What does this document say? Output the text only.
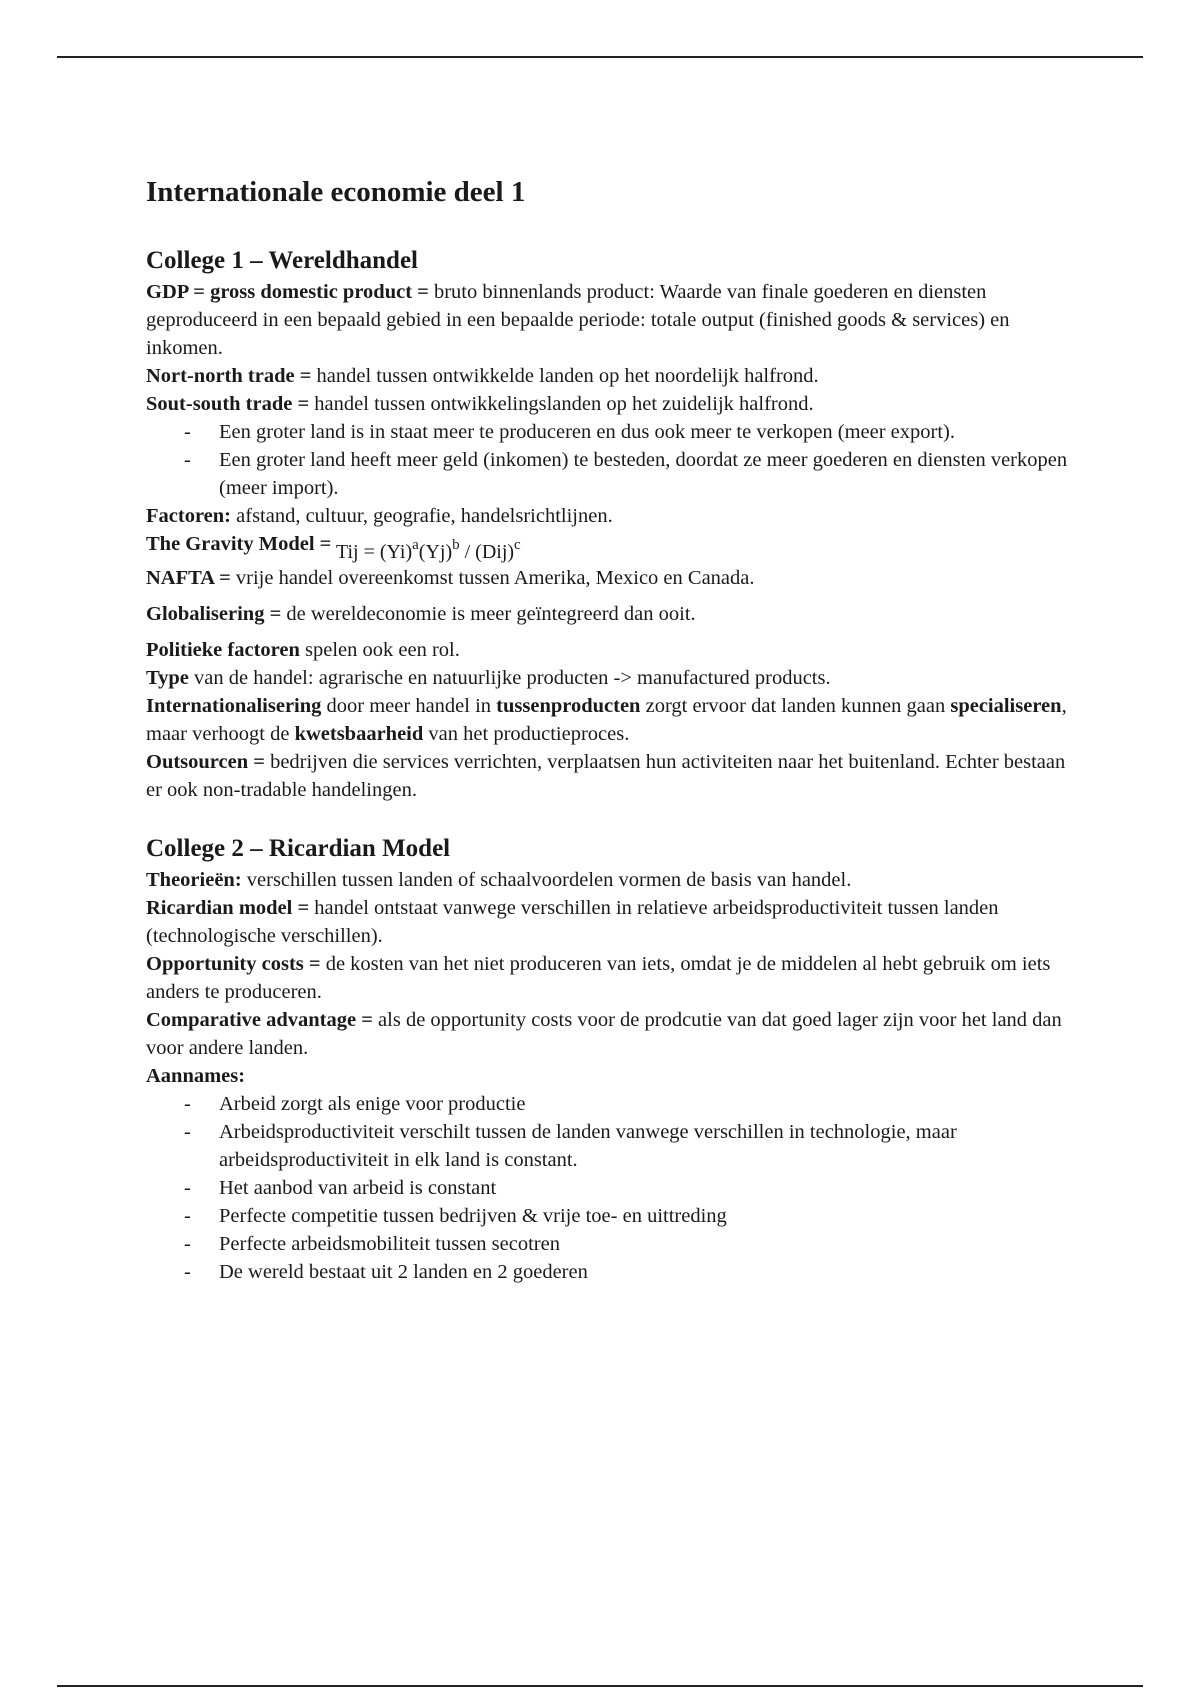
Internationale economie deel 1
College 1 – Wereldhandel

GDP = gross domestic product = bruto binnenlands product: Waarde van finale goederen en diensten geproduceerd in een bepaald gebied in een bepaalde periode: totale output (finished goods & services) en inkomen.

Nort-north trade = handel tussen ontwikkelde landen op het noordelijk halfrond.

Sout-south trade = handel tussen ontwikkelingslanden op het zuidelijk halfrond.

- Een groter land is in staat meer te produceren en dus ook meer te verkopen (meer export).
- Een groter land heeft meer geld (inkomen) te besteden, doordat ze meer goederen en diensten verkopen (meer import).

Factoren: afstand, cultuur, geografie, handelsrichtlijnen.

The Gravity Model = Tij = $(Yi)^a(Yj)^b / (Dij)^c$

NAFTA = vrije handel overeenkomst tussen Amerika, Mexico en Canada.

Globalisering = de wereldeconomie is meer geïntegreerd dan ooit.

Politieke factoren spelen ook een rol.

Type van de handel: agrarische en natuurlijke producten -> manufactured products.

Internationalisering door meer handel in tussenproducten zorgt ervoor dat landen kunnen gaan specialiseren, maar verhoogt de kwetsbaarheid van het productieproces.

Outsourcen = bedrijven die services verrichten, verplaatsen hun activiteiten naar het buitenland. Echter bestaan er ook non-tradable handelingen.

College 2 – Ricardian Model

Theorieën: verschillen tussen landen of schaalvoordelen vormen de basis van handel.

Ricardian model = handel ontstaat vanwege verschillen in relatieve arbeidsproductiviteit tussen landen (technologische verschillen).

Opportunity costs = de kosten van het niet produceren van iets, omdat je de middelen al hebt gebruik om iets anders te produceren.

Comparative advantage = als de opportunity costs voor de prodcutie van dat goed lager zijn voor het land dan voor andere landen.

Aannames:

- Arbeid zorgt als enige voor productie
- Arbeidsproductiviteit verschilt tussen de landen vanwege verschillen in technologie, maar arbeidsproductiviteit in elk land is constant.
- Het aanbod van arbeid is constant
- Perfecte competitie tussen bedrijven & vrije toe- en uittreding
- Perfecte arbeidsmobiliteit tussen secotren
- De wereld bestaat uit 2 landen en 2 goederen
